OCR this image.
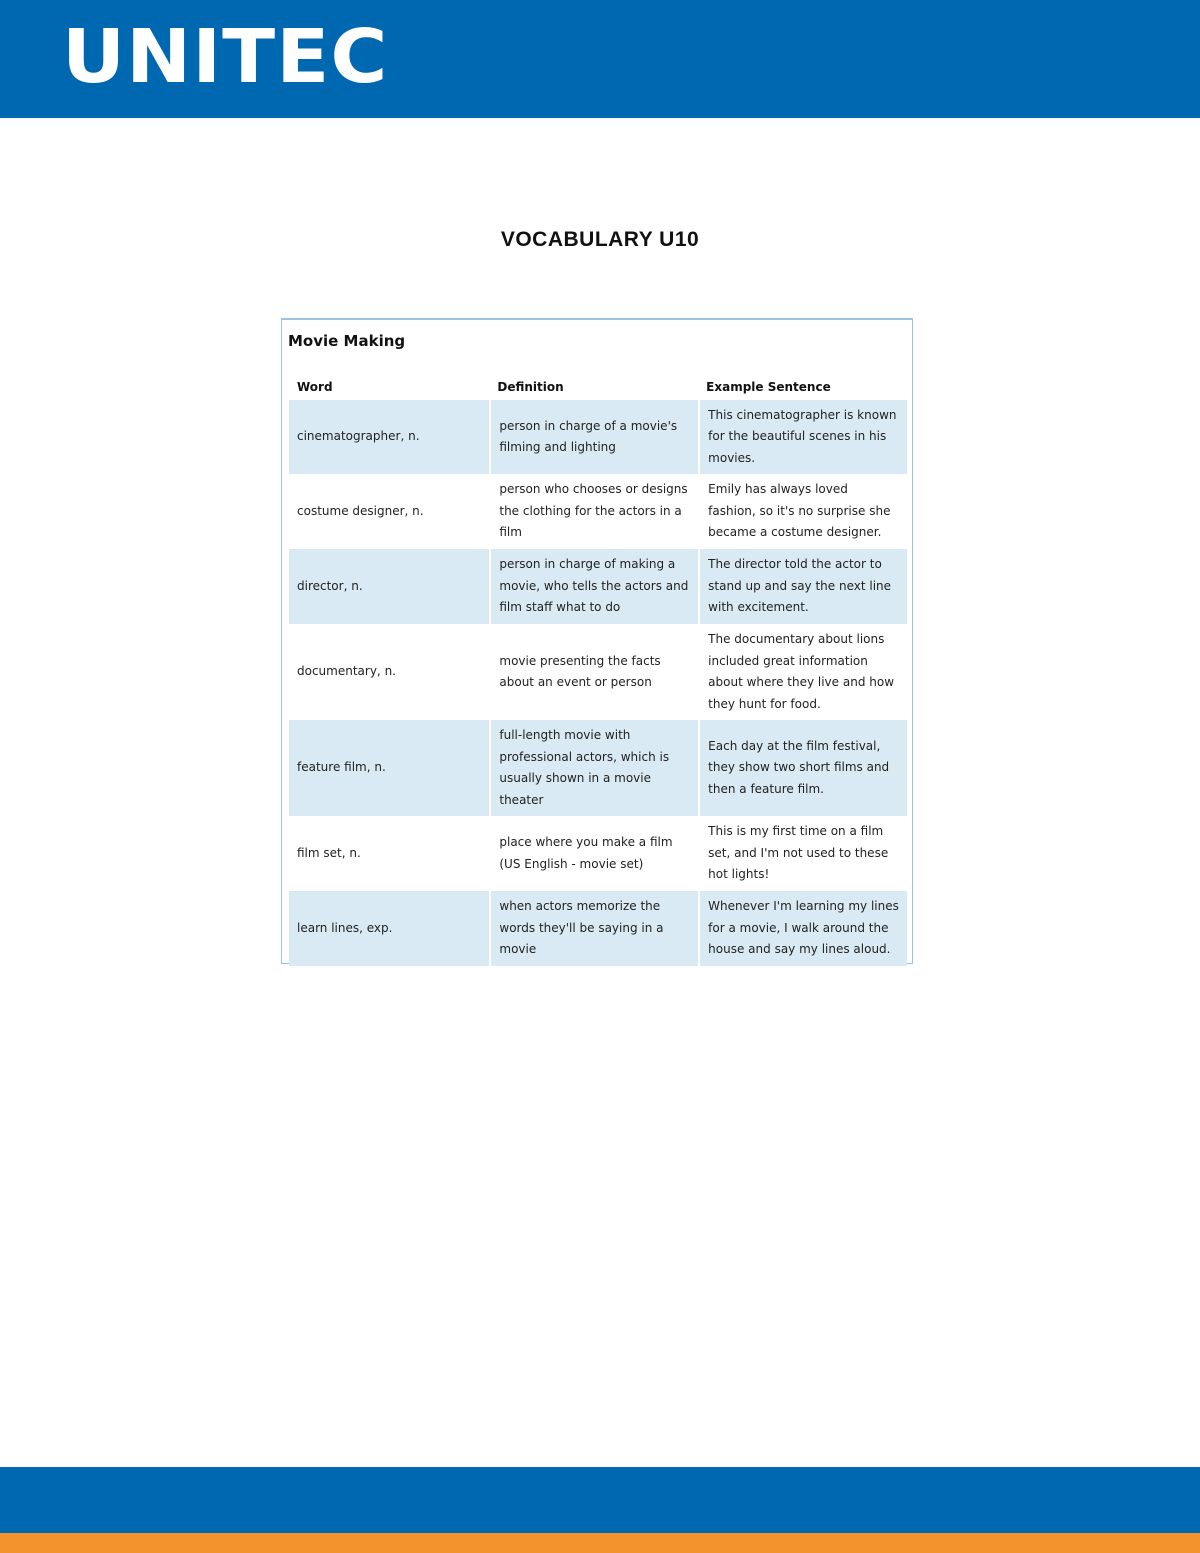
UNITEC
VOCABULARY U10
Movie Making
Word	Definition	Example Sentence
cinematographer, n.	person in charge of a movie's filming and lighting	This cinematographer is known for the beautiful scenes in his movies.
costume designer, n.	person who chooses or designs the clothing for the actors in a film	Emily has always loved fashion, so it's no surprise she became a costume designer.
director, n.	person in charge of making a movie, who tells the actors and film staff what to do	The director told the actor to stand up and say the next line with excitement.
documentary, n.	movie presenting the facts about an event or person	The documentary about lions included great information about where they live and how they hunt for food.
feature film, n.	full-length movie with professional actors, which is usually shown in a movie theater	Each day at the film festival, they show two short films and then a feature film.
film set, n.	place where you make a film (US English - movie set)	This is my first time on a film set, and I'm not used to these hot lights!
learn lines, exp.	when actors memorize the words they'll be saying in a movie	Whenever I'm learning my lines for a movie, I walk around the house and say my lines aloud.
